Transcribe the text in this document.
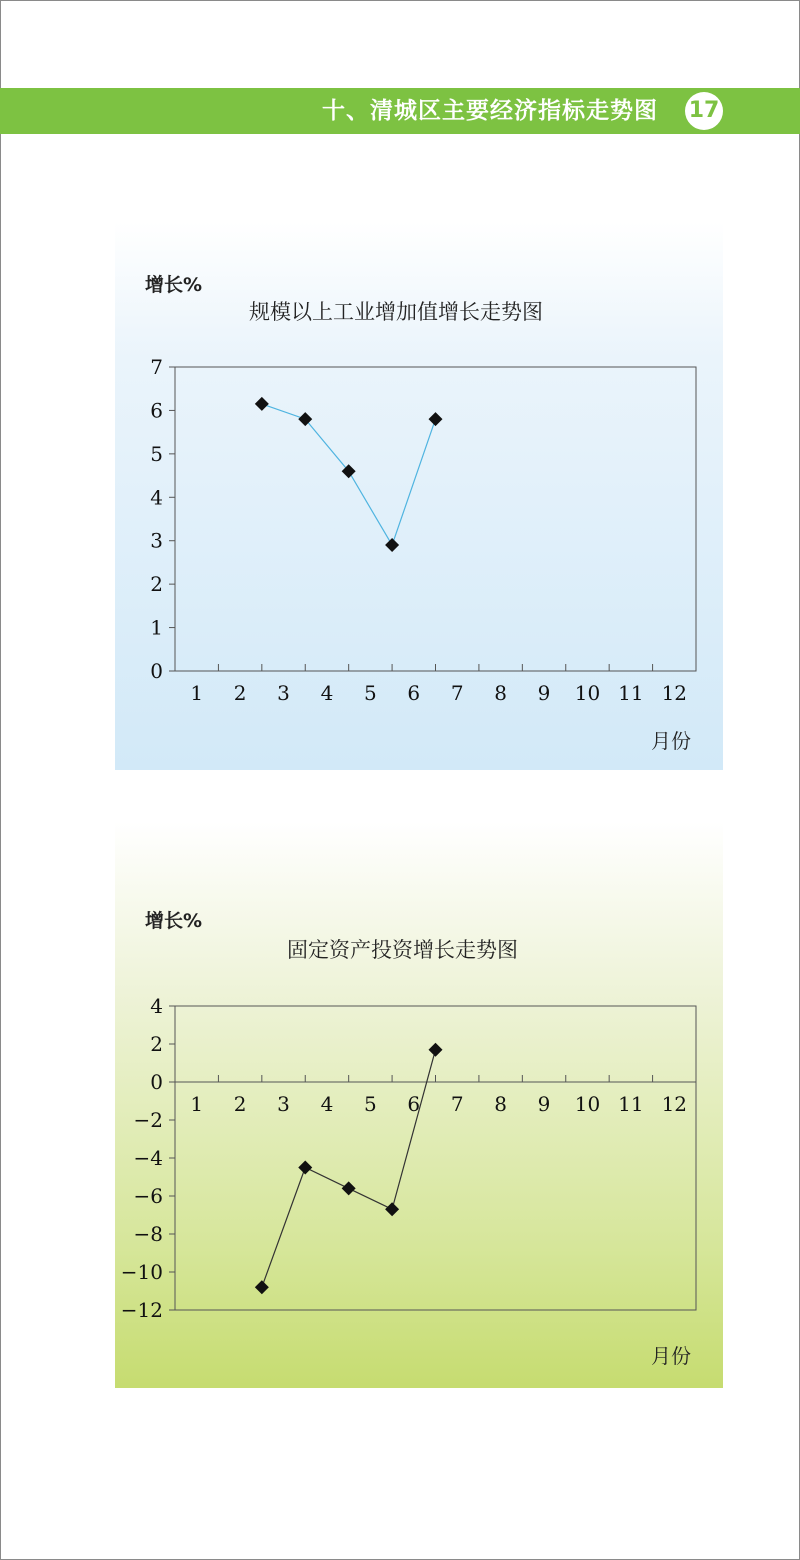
十、清城区主要经济指标走势图 17
增长%
规模以上工业增加值增长走势图
月份
0
1
2
3
4
5
6
7
1 2 3 4 5 6 7 8 9 10 11 12
增长%
固定资产投资增长走势图
月份
−12
−10
−8
−6
−4
−2
0
2
4
1 2 3 4 5 6 7 8 9 10 11 12
